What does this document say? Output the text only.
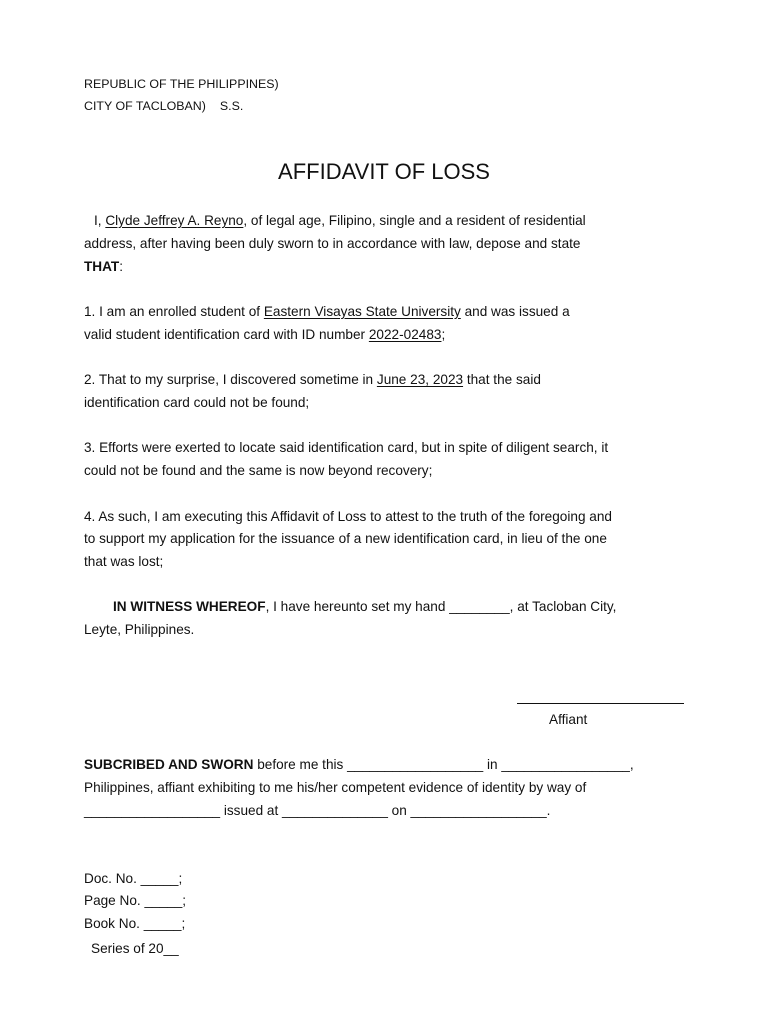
REPUBLIC OF THE PHILIPPINES)
CITY OF TACLOBAN) S.S.
AFFIDAVIT OF LOSS
I, Clyde Jeffrey A. Reyno, of legal age, Filipino, single and a resident of residential
address, after having been duly sworn to in accordance with law, depose and state
THAT:
1. I am an enrolled student of Eastern Visayas State University and was issued a
valid student identification card with ID number 2022-02483;
2. That to my surprise, I discovered sometime in June 23, 2023 that the said
identification card could not be found;
3. Efforts were exerted to locate said identification card, but in spite of diligent search, it
could not be found and the same is now beyond recovery;
4. As such, I am executing this Affidavit of Loss to attest to the truth of the foregoing and
to support my application for the issuance of a new identification card, in lieu of the one
that was lost;
IN WITNESS WHEREOF, I have hereunto set my hand ________, at Tacloban City,
Leyte, Philippines.
Affiant
SUBCRIBED AND SWORN before me this __________________ in _________________,
Philippines, affiant exhibiting to me his/her competent evidence of identity by way of
__________________ issued at ______________ on __________________.
Doc. No. _____;
Page No. _____;
Book No. _____;
Series of 20__
